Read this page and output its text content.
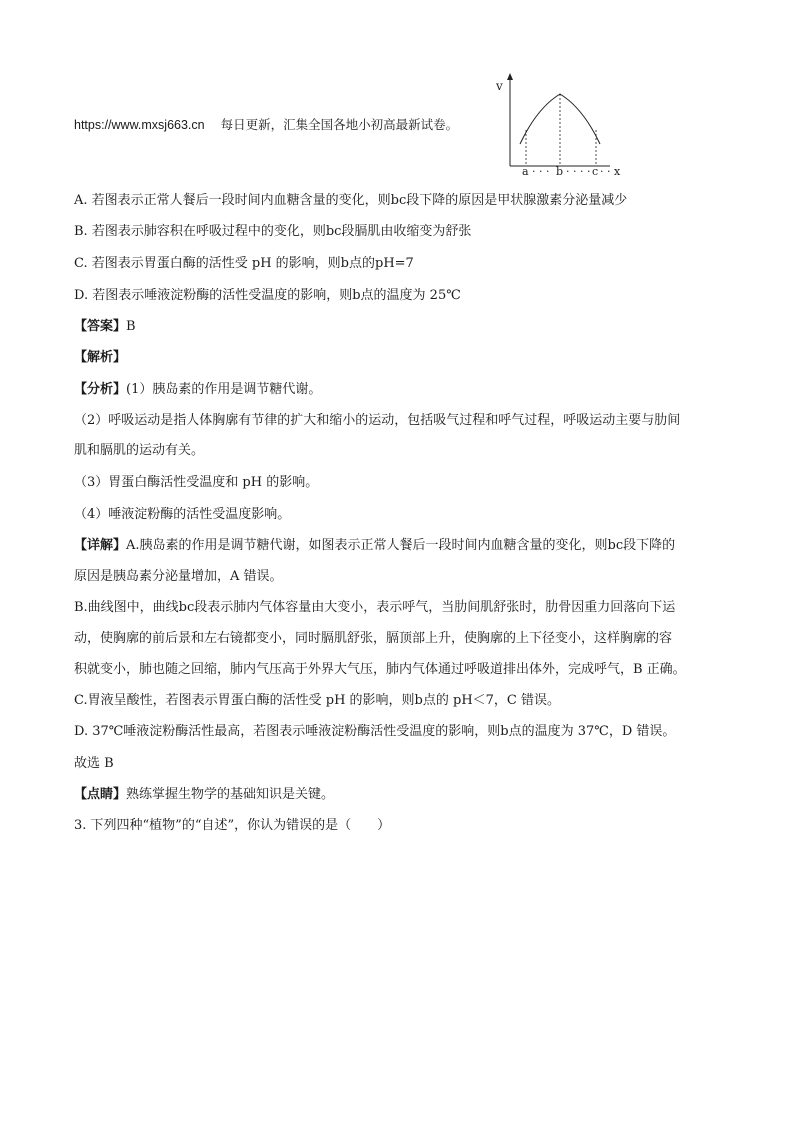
https://www.mxsj663.cn 每日更新，汇集全国各地小初高最新试卷。
v
a · · · b · · · · c · · x
A. 若图表示正常人餐后一段时间内血糖含量的变化，则bc段下降的原因是甲状腺激素分泌量减少
B. 若图表示肺容积在呼吸过程中的变化，则bc段膈肌由收缩变为舒张
C. 若图表示胃蛋白酶的活性受 pH 的影响，则b点的pH=7
D. 若图表示唾液淀粉酶的活性受温度的影响，则b点的温度为 25℃
【答案】B
【解析】
【分析】(1）胰岛素的作用是调节糖代谢。
（2）呼吸运动是指人体胸廓有节律的扩大和缩小的运动，包括吸气过程和呼气过程，呼吸运动主要与肋间
肌和膈肌的运动有关。
（3）胃蛋白酶活性受温度和 pH 的影响。
（4）唾液淀粉酶的活性受温度影响。
【详解】A.胰岛素的作用是调节糖代谢，如图表示正常人餐后一段时间内血糖含量的变化，则bc段下降的
原因是胰岛素分泌量增加，A 错误。
B.曲线图中，曲线bc段表示肺内气体容量由大变小，表示呼气，当肋间肌舒张时，肋骨因重力回落向下运
动，使胸廓的前后景和左右镜都变小，同时膈肌舒张，膈顶部上升，使胸廓的上下径变小，这样胸廓的容
积就变小，肺也随之回缩，肺内气压高于外界大气压，肺内气体通过呼吸道排出体外，完成呼气，B 正确。
C.胃液呈酸性，若图表示胃蛋白酶的活性受 pH 的影响，则b点的 pH＜7，C 错误。
D. 37℃唾液淀粉酶活性最高，若图表示唾液淀粉酶活性受温度的影响，则b点的温度为 37℃，D 错误。
故选 B
【点睛】熟练掌握生物学的基础知识是关键。
3. 下列四种“植物”的“自述”，你认为错误的是（　　）
